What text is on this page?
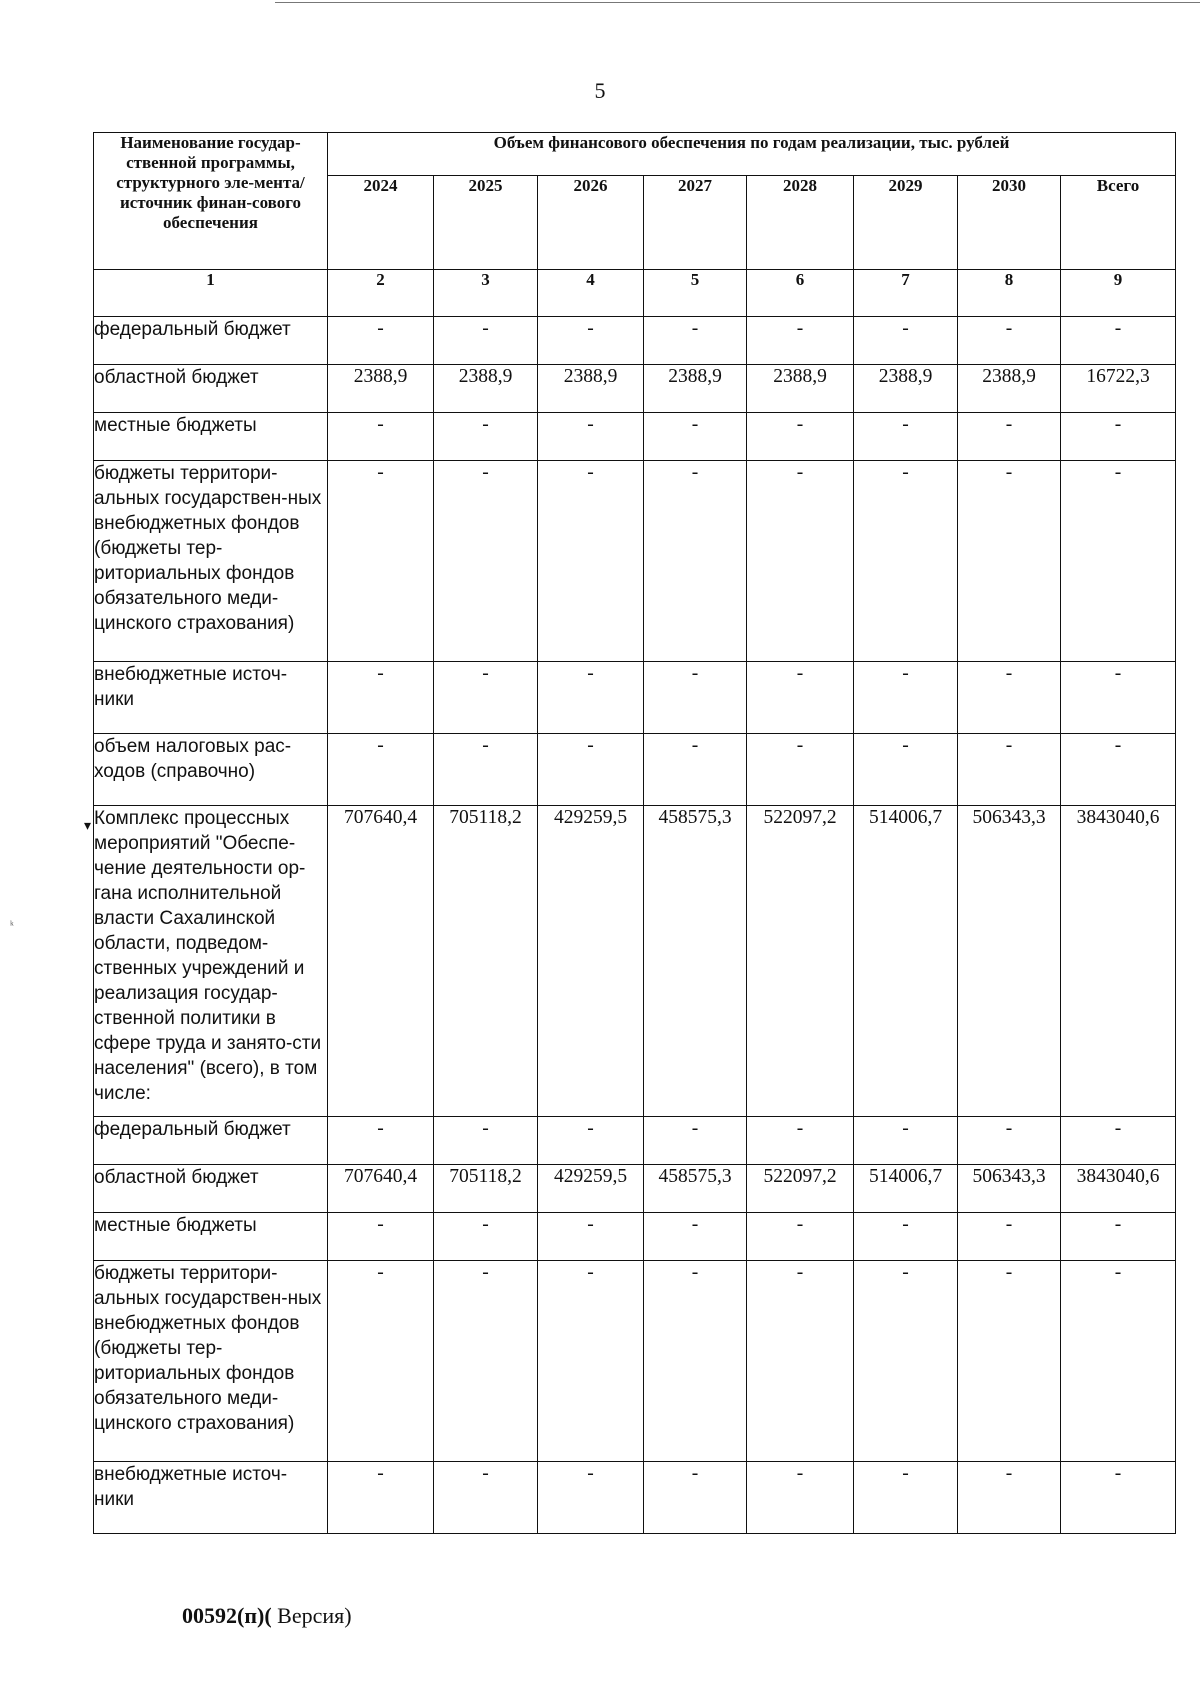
5
ᵏ
Наименование государ-ственной программы, структурного эле-мента/источник финан-сового обеспечения	Объем финансового обеспечения по годам реализации, тыс. рублей							
	2024	2025	2026	2027	2028	2029	2030	Всего
1	2	3	4	5	6	7	8	9
федеральный бюджет	-	-	-	-	-	-	-	-
областной бюджет	2388,9	2388,9	2388,9	2388,9	2388,9	2388,9	2388,9	16722,3
местные бюджеты	-	-	-	-	-	-	-	-
бюджеты территори-альных государствен-ных внебюджетных фондов (бюджеты тер-риториальных фондов обязательного меди-цинского страхования)	-	-	-	-	-	-	-	-
внебюджетные источ-ники	-	-	-	-	-	-	-	-
объем налоговых рас-ходов (справочно)	-	-	-	-	-	-	-	-

▾ Комплекс процессных мероприятий "Обеспе-чение деятельности ор-гана исполнительной власти Сахалинской области, подведом-ственных учреждений и реализация государ-ственной политики в сфере труда и занято-сти населения" (всего), в том числе:	707640,4	705118,2	429259,5	458575,3	522097,2	514006,7	506343,3	3843040,6
федеральный бюджет	-	-	-	-	-	-	-	-
областной бюджет	707640,4	705118,2	429259,5	458575,3	522097,2	514006,7	506343,3	3843040,6
местные бюджеты	-	-	-	-	-	-	-	-
бюджеты территори-альных государствен-ных внебюджетных фондов (бюджеты тер-риториальных фондов обязательного меди-цинского страхования)	-	-	-	-	-	-	-	-
внебюджетные источ-ники	-	-	-	-	-	-	-	-
00592(п)( Версия)
